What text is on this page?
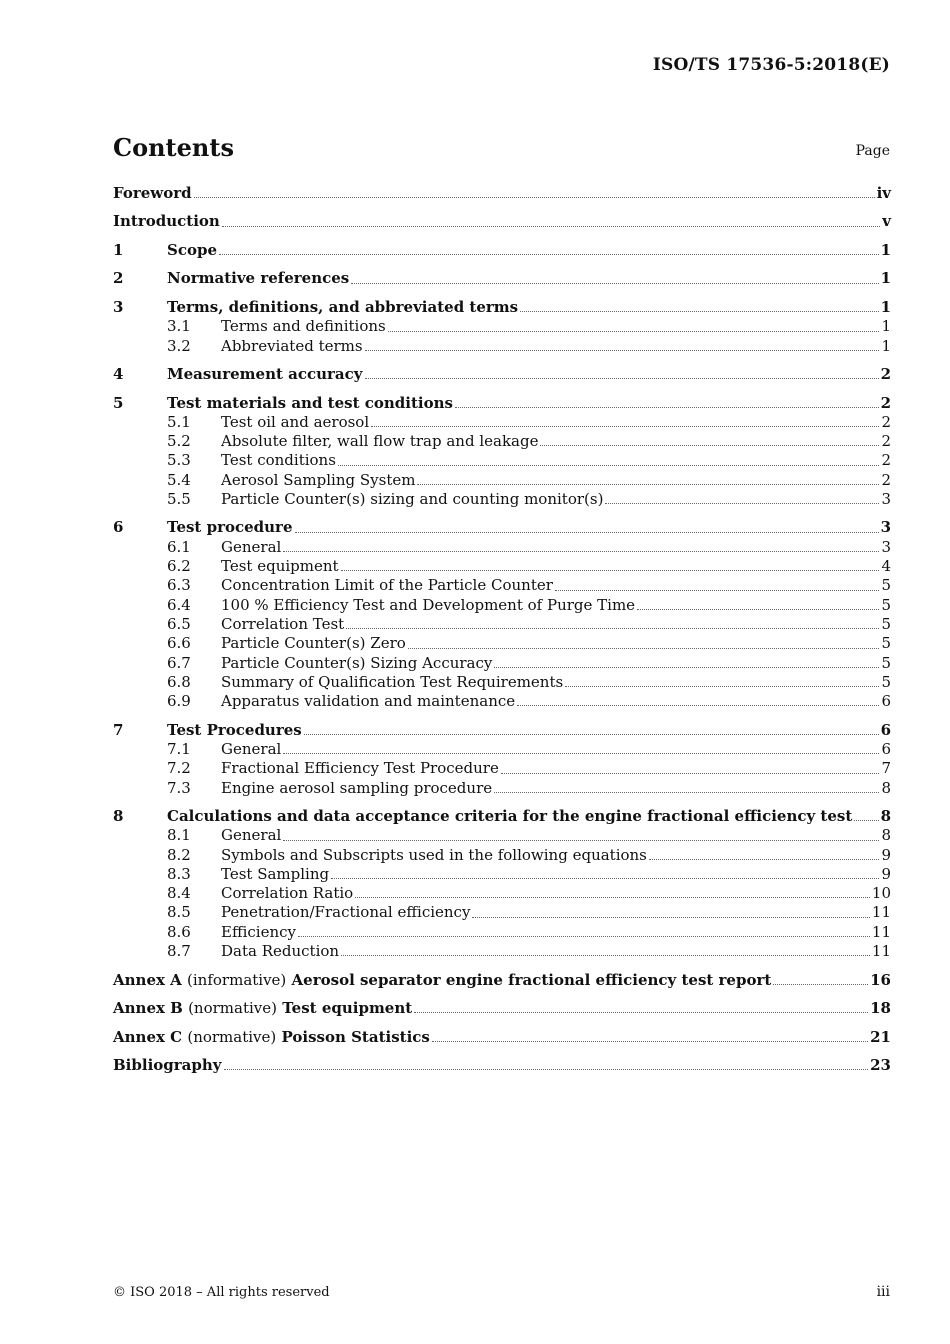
ISO/TS 17536-5:2018(E)
Contents	Page
Foreword	iv
Introduction	v
1	Scope	1
2	Normative references	1
3	Terms, definitions, and abbreviated terms	1
3.1	Terms and definitions	1
3.2	Abbreviated terms	1
4	Measurement accuracy	2
5	Test materials and test conditions	2
5.1	Test oil and aerosol	2
5.2	Absolute filter, wall flow trap and leakage	2
5.3	Test conditions	2
5.4	Aerosol Sampling System	2
5.5	Particle Counter(s) sizing and counting monitor(s)	3
6	Test procedure	3
6.1	General	3
6.2	Test equipment	4
6.3	Concentration Limit of the Particle Counter	5
6.4	100 % Efficiency Test and Development of Purge Time	5
6.5	Correlation Test	5
6.6	Particle Counter(s) Zero	5
6.7	Particle Counter(s) Sizing Accuracy	5
6.8	Summary of Qualification Test Requirements	5
6.9	Apparatus validation and maintenance	6
7	Test Procedures	6
7.1	General	6
7.2	Fractional Efficiency Test Procedure	7
7.3	Engine aerosol sampling procedure	8
8	Calculations and data acceptance criteria for the engine fractional efficiency test 8
8.1	General	8
8.2	Symbols and Subscripts used in the following equations	9
8.3	Test Sampling	9
8.4	Correlation Ratio	10
8.5	Penetration/Fractional efficiency	11
8.6	Efficiency	11
8.7	Data Reduction	11
Annex A (informative) Aerosol separator engine fractional efficiency test report	16
Annex B (normative) Test equipment	18
Annex C (normative) Poisson Statistics	21
Bibliography	23
© ISO 2018 – All rights reserved	iii
